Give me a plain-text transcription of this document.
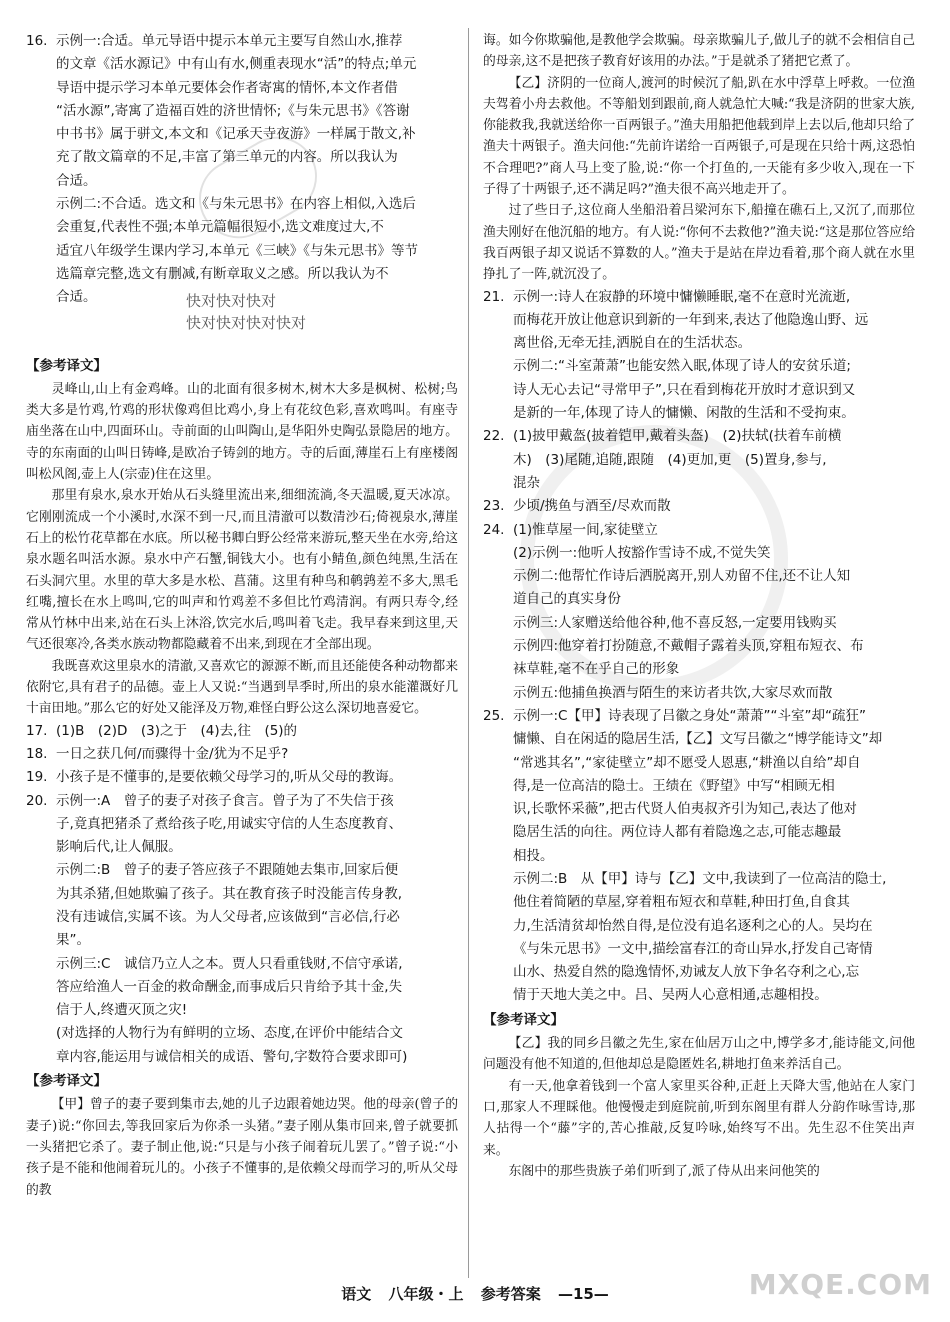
快对快对快对
快对快对快对快对
16. 示例一:合适。单元导语中提示本单元主要写自然山水,推荐
的文章《活水源记》中有山有水,侧重表现水“活”的特点;单元
导语中提示学习本单元要体会作者寄寓的情怀,本文作者借
“活水源”,寄寓了造福百姓的济世情怀;《与朱元思书》《答谢
中书书》属于骈文,本文和《记承天寺夜游》一样属于散文,补
充了散文篇章的不足,丰富了第三单元的内容。所以我认为
合适。
示例二:不合适。选文和《与朱元思书》在内容上相似,入选后
会重复,代表性不强;本单元篇幅很短小,选文难度过大,不
适宜八年级学生课内学习,本单元《三峡》《与朱元思书》等节
选篇章完整,选文有删减,有断章取义之感。所以我认为不
合适。
【参考译文】
灵峰山,山上有金鸡峰。山的北面有很多树木,树木大多是枫树、松树;鸟类大多是竹鸡,竹鸡的形状像鸡但比鸡小,身上有花纹色彩,喜欢鸣叫。有座寺庙坐落在山中,四面环山。寺前面的山叫陶山,是华阳外史陶弘景隐居的地方。寺的东南面的山叫日铸峰,是欧冶子铸剑的地方。寺的后面,薄崖石上有座楼阁叫松风阁,壶上人(宗壶)住在这里。
那里有泉水,泉水开始从石头缝里流出来,细细流淌,冬天温暖,夏天冰凉。它刚刚流成一个小溪时,水深不到一尺,而且清澈可以数清沙石;倚视泉水,薄崖石上的松竹花草都在水底。所以秘书卿白野公经常来游玩,整天坐在水旁,给这泉水题名叫活水源。泉水中产石蟹,铜钱大小。也有小鲭鱼,颜色纯黑,生活在石头洞穴里。水里的草大多是水松、菖蒲。这里有种鸟和鹌鹑差不多大,黑毛红嘴,擅长在水上鸣叫,它的叫声和竹鸡差不多但比竹鸡清润。有两只寿令,经常从竹林中出来,站在石头上沐浴,饮完水后,鸣叫着飞走。我早春来到这里,天气还很寒冷,各类水族动物都隐藏着不出来,到现在才全部出现。
我既喜欢这里泉水的清澈,又喜欢它的源源不断,而且还能使各种动物都来依附它,具有君子的品德。壶上人又说:“当遇到旱季时,所出的泉水能灌溉好几十亩田地。”那么它的好处又能泽及万物,难怪白野公这么深切地喜爱它。
17. (1)B　(2)D　(3)之于　(4)去,往　(5)的
18. 一日之获几何/而骤得十金/犹为不足乎?
19. 小孩子是不懂事的,是要依赖父母学习的,听从父母的教诲。
20. 示例一:A　曾子的妻子对孩子食言。曾子为了不失信于孩
子,竟真把猪杀了煮给孩子吃,用诚实守信的人生态度教育、
影响后代,让人佩服。
示例二:B　曾子的妻子答应孩子不跟随她去集市,回家后便
为其杀猪,但她欺骗了孩子。其在教育孩子时没能言传身教,
没有违诚信,实属不该。为人父母者,应该做到“言必信,行必
果”。
示例三:C　诚信乃立人之本。贾人只看重钱财,不信守承诺,
答应给渔人一百金的救命酬金,而事成后只肯给予其十金,失
信于人,终遭灭顶之灾!
(对选择的人物行为有鲜明的立场、态度,在评价中能结合文
章内容,能运用与诚信相关的成语、警句,字数符合要求即可)
【参考译文】
【甲】曾子的妻子要到集市去,她的儿子边跟着她边哭。他的母亲(曾子的妻子)说:“你回去,等我回家后为你杀一头猪。”妻子刚从集市回来,曾子就要抓一头猪把它杀了。妻子制止他,说:“只是与小孩子闹着玩儿罢了。”曾子说:“小孩子是不能和他闹着玩儿的。小孩子不懂事的,是依赖父母而学习的,听从父母的教
诲。如今你欺骗他,是教他学会欺骗。母亲欺骗儿子,做儿子的就不会相信自己的母亲,这不是把孩子教育好该用的办法。”于是就杀了猪把它煮了。
【乙】济阴的一位商人,渡河的时候沉了船,趴在水中浮草上呼救。一位渔夫驾着小舟去救他。不等船划到跟前,商人就急忙大喊:“我是济阴的世家大族,你能救我,我就送给你一百两银子。”渔夫用船把他载到岸上去以后,他却只给了渔夫十两银子。渔夫问他:“先前许诺给一百两银子,可是现在只给十两,这恐怕不合理吧?”商人马上变了脸,说:“你一个打鱼的,一天能有多少收入,现在一下子得了十两银子,还不满足吗?”渔夫很不高兴地走开了。
过了些日子,这位商人坐船沿着吕梁河东下,船撞在礁石上,又沉了,而那位渔夫刚好在他沉船的地方。有人说:“你何不去救他?”渔夫说:“这是那位答应给我百两银子却又说话不算数的人。”渔夫于是站在岸边看着,那个商人就在水里挣扎了一阵,就沉没了。
21. 示例一:诗人在寂静的环境中慵懒睡眠,毫不在意时光流逝,
而梅花开放让他意识到新的一年到来,表达了他隐逸山野、远
离世俗,无牵无挂,洒脱自在的生活状态。
示例二:“斗室萧萧”也能安然入眠,体现了诗人的安贫乐道;
诗人无心去记“寻常甲子”,只在看到梅花开放时才意识到又
是新的一年,体现了诗人的慵懒、闲散的生活和不受拘束。
22. (1)披甲戴盔(披着铠甲,戴着头盔)　(2)扶轼(扶着车前横
木)　(3)尾随,追随,跟随　(4)更加,更　(5)置身,参与,
混杂
23. 少顷/携鱼与酒至/尽欢而散
24. (1)惟草屋一间,家徒壁立
(2)示例一:他听人按豁作雪诗不成,不觉失笑
示例二:他帮忙作诗后洒脱离开,别人劝留不住,还不让人知
道自己的真实身份
示例三:人家赠送给他谷种,他不喜反怒,一定要用钱购买
示例四:他穿着打扮随意,不戴帽子露着头顶,穿粗布短衣、布
袜草鞋,毫不在乎自己的形象
示例五:他捕鱼换酒与陌生的来访者共饮,大家尽欢而散
25. 示例一:C【甲】诗表现了吕徽之身处“萧萧”“斗室”却“疏狂”
慵懒、自在闲适的隐居生活,【乙】文写吕徽之“博学能诗文”却
“常逃其名”,“家徒壁立”却不愿受人恩惠,“耕渔以自给”却自
得,是一位高洁的隐士。王绩在《野望》中写“相顾无相
识,长歌怀采薇”,把古代贤人伯夷叔齐引为知己,表达了他对
隐居生活的向往。两位诗人都有着隐逸之志,可能志趣最
相投。
示例二:B　从【甲】诗与【乙】文中,我读到了一位高洁的隐士,
他住着简陋的草屋,穿着粗布短衣和草鞋,种田打鱼,自食其
力,生活清贫却怡然自得,是位没有追名逐利之心的人。吴均在
《与朱元思书》一文中,描绘富春江的奇山异水,抒发自己寄情
山水、热爱自然的隐逸情怀,劝诫友人放下争名夺利之心,忘
情于天地大美之中。吕、吴两人心意相通,志趣相投。
【参考译文】
【乙】我的同乡吕徽之先生,家在仙居万山之中,博学多才,能诗能文,问他问题没有他不知道的,但他却总是隐匿姓名,耕地打鱼来养活自己。
有一天,他拿着钱到一个富人家里买谷种,正赶上天降大雪,他站在人家门口,那家人不理睬他。他慢慢走到庭院前,听到东阁里有群人分韵作咏雪诗,那人拈得一个“藤”字的,苦心推敲,反复吟咏,始终写不出。先生忍不住笑出声来。
东阁中的那些贵族子弟们听到了,派了侍从出来问他笑的
语文 八年级・上 参考答案 —15—	MXQE.COM
